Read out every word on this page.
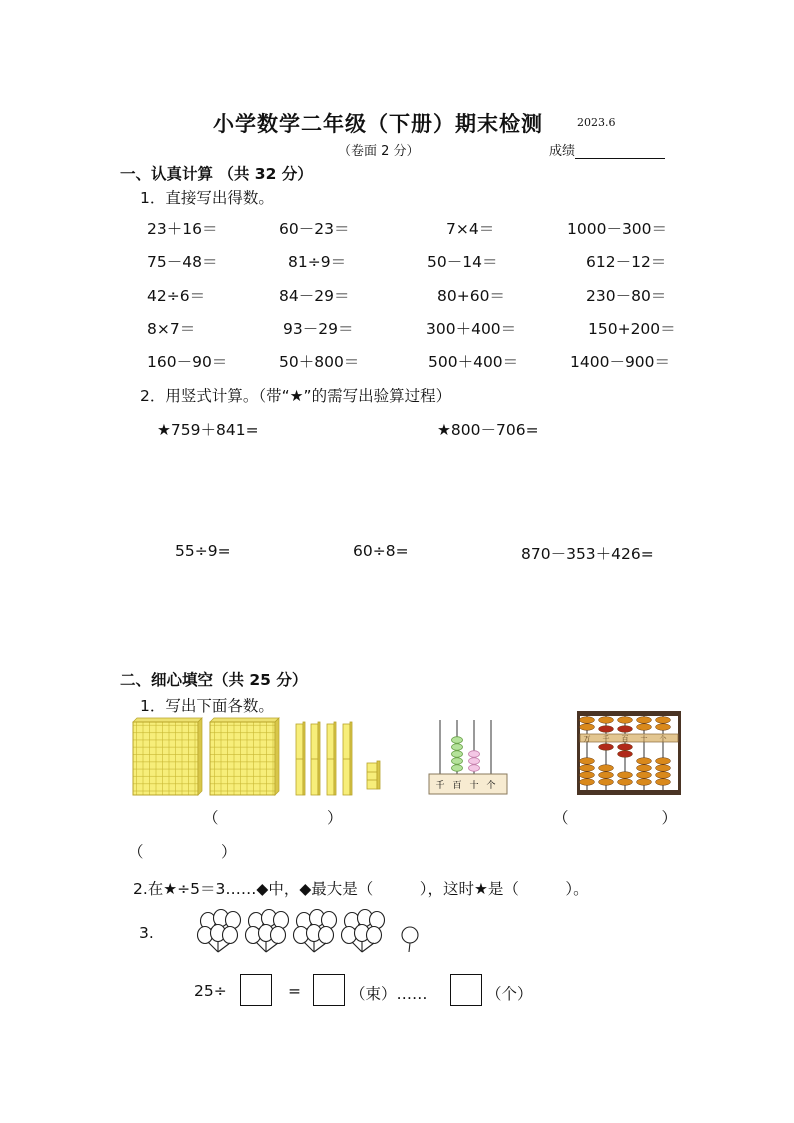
小学数学二年级（下册）期末检测	2023.6
（卷面 2 分）	成绩
一、认真计算 （共 32 分）
1．直接写出得数。
23＋16＝	60－23＝	7×4＝	1000－300＝
75－48＝	81÷9＝	50－14＝	612－12＝
42÷6＝	84－29＝	80+60＝	230－80＝
8×7＝	93－29＝	300＋400＝	150+200＝
160－90＝	50＋800＝	500＋400＝	1400－900＝
2．用竖式计算。（带“★”的需写出验算过程）
★759＋841=	★800－706=
55÷9=	60÷8=	870－353＋426=
二、细心填空（共 25 分）
1．写出下面各数。
千 百 十 个
万 千 百 十 个
（　　　　　　　）	（　　　　　　）
（　　　　　）
2.在★÷5＝3……◆中，◆最大是（　　　），这时★是（　　　）。
3.
25÷	=	（束）……	（个）
